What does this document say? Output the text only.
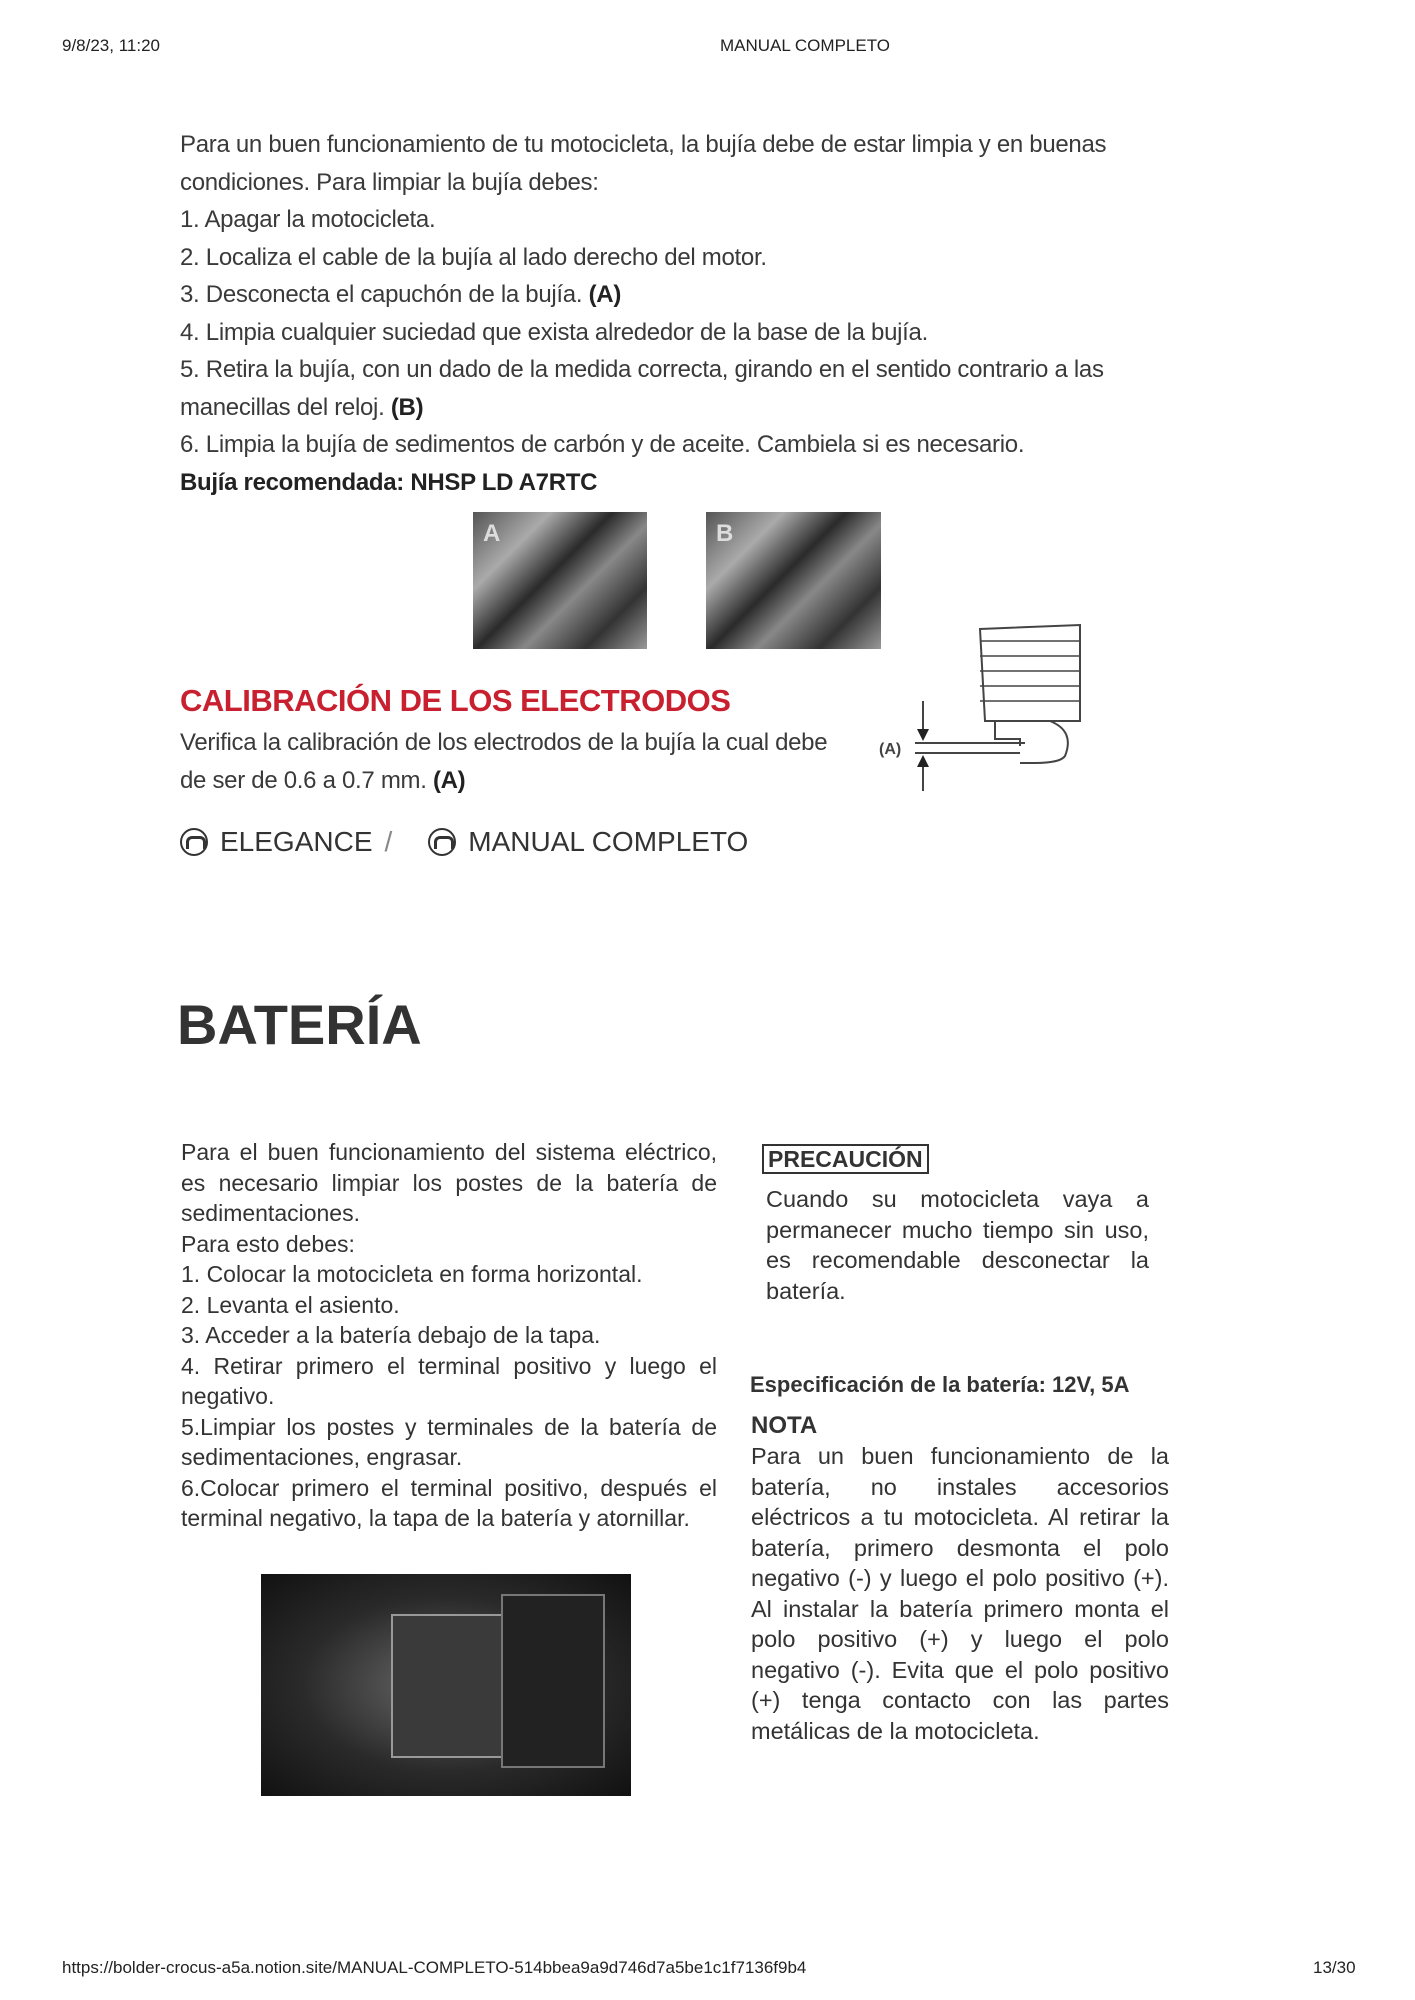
9/8/23, 11:20	MANUAL COMPLETO
Para un buen funcionamiento de tu motocicleta, la bujía debe de estar limpia y en buenas condiciones. Para limpiar la bujía debes:
1. Apagar la motocicleta.
2. Localiza el cable de la bujía al lado derecho del motor.
3. Desconecta el capuchón de la bujía. (A)
4. Limpia cualquier suciedad que exista alrededor de la base de la bujía.
5. Retira la bujía, con un dado de la medida correcta, girando en el sentido contrario a las manecillas del reloj. (B)
6. Limpia la bujía de sedimentos de carbón y de aceite. Cambiela si es necesario.
Bujía recomendada: NHSP LD A7RTC
A	B
(A)
CALIBRACIÓN DE LOS ELECTRODOS
Verifica la calibración de los electrodos de la bujía la cual debe de ser de 0.6 a 0.7 mm. (A)
ELEGANCE /	MANUAL COMPLETO
BATERÍA
Para el buen funcionamiento del sistema eléctrico, es necesario limpiar los postes de la batería de sedimentaciones.
Para esto debes:
1. Colocar la motocicleta en forma horizontal.
2. Levanta el asiento.
3. Acceder a la batería debajo de la tapa.
4. Retirar primero el terminal positivo y luego el negativo.
5.Limpiar los postes y terminales de la batería de sedimentaciones, engrasar.
6.Colocar primero el terminal positivo, después el terminal negativo, la tapa de la batería y atornillar.
PRECAUCIÓN
Cuando su motocicleta vaya a permanecer mucho tiempo sin uso, es recomendable desconectar la batería.
Especificación de la batería: 12V, 5A
NOTA
Para un buen funcionamiento de la batería, no instales accesorios eléctricos a tu motocicleta. Al retirar la batería, primero desmonta el polo negativo (-) y luego el polo positivo (+). Al instalar la batería primero monta el polo positivo (+) y luego el polo negativo (-). Evita que el polo positivo (+) tenga contacto con las partes metálicas de la motocicleta.
https://bolder-crocus-a5a.notion.site/MANUAL-COMPLETO-514bbea9a9d746d7a5be1c1f7136f9b4	13/30
